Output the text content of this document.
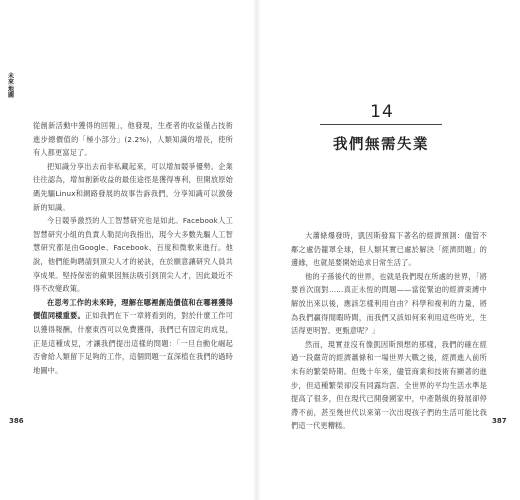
未來地圖

從創新活動中獲得的回報」，他發現，生產者的收益僅占技術進步總價值的「極小部分」(2.2%)，人類知識的增長，使所有人都更富足了。

把知識分享出去而非私藏起來，可以增加競爭優勢。企業往往認為，增加創新收益的最佳途徑是獲得專利，但開放原始碼先驅Linux和網路發展的故事告訴我們，分享知識可以激發新的知識。

今日競爭激烈的人工智慧研究也是如此。Facebook人工智慧研究小組的負責人勒昆向我指出，現今大多數先驅人工智慧研究都是由Google、Facebook、百度和微軟來進行。他說，他們能夠聘請到頂尖人才的祕訣，在於願意讓研究人員共享成果。堅持保密的蘋果因無法吸引到頂尖人才，因此最近不得不改變政策。

在思考工作的未來時，理解在哪裡創造價值和在哪裡獲得價值同樣重要。正如我們在下一章將看到的，對於什麼工作可以獲得報酬，什麼東西可以免費獲得，我們已有固定的成見，正是這種成見，才讓我們提出這樣的問題：「一旦自動化崛起否會給人類留下足夠的工作，這個問題一直深植在我們的過時地圖中。

386
14
我們無需失業

大蕭條爆發時，凱因斯發寫下著名的經濟預測：儘管不鄰之處仍籠罩全球，但人類其實已處於解決「經濟問題」的邊緣，也就是要開始追求日常生活了。

他的子孫後代的世界，也就是我們現在所處的世界，「將要首次面對……真正永恆的問題——當從緊迫的經濟束縛中解放出來以後，應該怎樣利用自由？科學和複利的力量，將為我們贏得閒暇時間，而我們又該如何來利用這些時光，生活得更明智、更甄意呢？」

然而，現實並沒有像凱因斯預想的那樣，我們的確在經過一段嚴苛的經濟蕭條和一場世界大戰之後，經濟進入前所未有的繁榮時期。但幾十年來，儘管商業和技術有顯著的進步，但這種繁榮卻沒有同露均霑。全世界的平均生活水準是提高了很多，但在現代已開發國家中，中產階級的發展卻停滯不前，甚至幾世代以來第一次出現孩子們的生活可能比我們這一代更糟糕。

387
